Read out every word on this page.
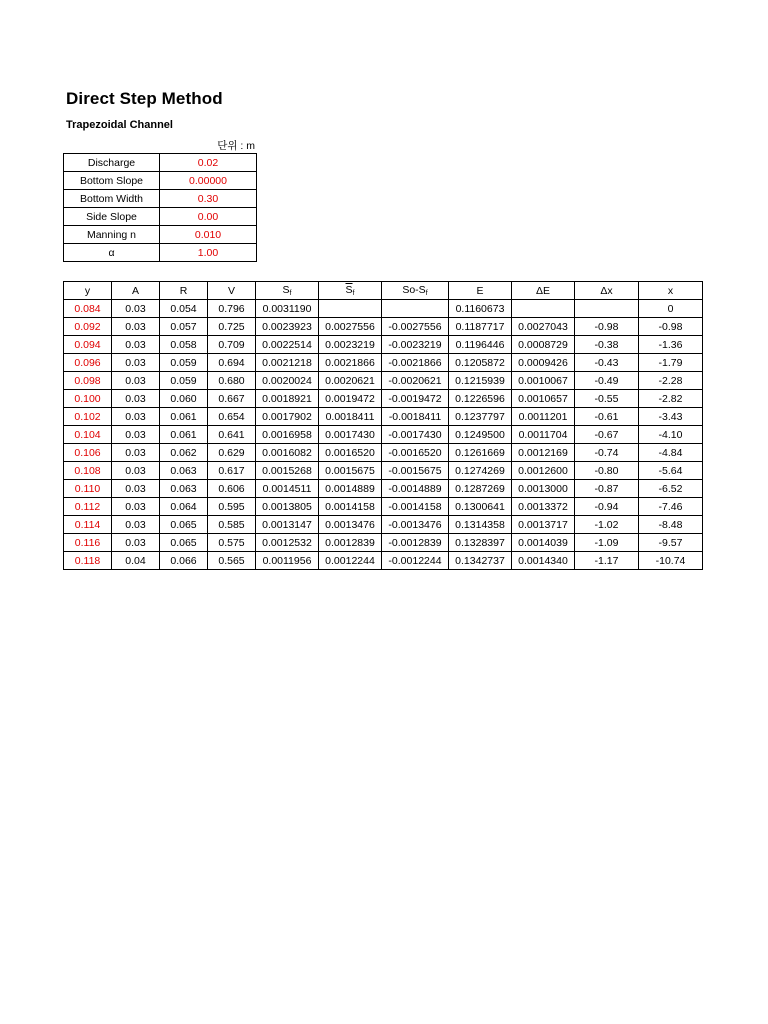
Direct Step Method
Trapezoidal Channel
단위 : m
Discharge	0.02
Bottom Slope	0.00000
Bottom Width	0.30
Side Slope	0.00
Manning n	0.010
α	1.00
y	A	R	V	$S_f$	$\overline{S}_f$	$So-S_f$	E	ΔE	Δx	x
0.084	0.03	0.054	0.796	0.0031190			0.1160673			0
0.092	0.03	0.057	0.725	0.0023923	0.0027556	-0.0027556	0.1187717	0.0027043	-0.98	-0.98
0.094	0.03	0.058	0.709	0.0022514	0.0023219	-0.0023219	0.1196446	0.0008729	-0.38	-1.36
0.096	0.03	0.059	0.694	0.0021218	0.0021866	-0.0021866	0.1205872	0.0009426	-0.43	-1.79
0.098	0.03	0.059	0.680	0.0020024	0.0020621	-0.0020621	0.1215939	0.0010067	-0.49	-2.28
0.100	0.03	0.060	0.667	0.0018921	0.0019472	-0.0019472	0.1226596	0.0010657	-0.55	-2.82
0.102	0.03	0.061	0.654	0.0017902	0.0018411	-0.0018411	0.1237797	0.0011201	-0.61	-3.43
0.104	0.03	0.061	0.641	0.0016958	0.0017430	-0.0017430	0.1249500	0.0011704	-0.67	-4.10
0.106	0.03	0.062	0.629	0.0016082	0.0016520	-0.0016520	0.1261669	0.0012169	-0.74	-4.84
0.108	0.03	0.063	0.617	0.0015268	0.0015675	-0.0015675	0.1274269	0.0012600	-0.80	-5.64
0.110	0.03	0.063	0.606	0.0014511	0.0014889	-0.0014889	0.1287269	0.0013000	-0.87	-6.52
0.112	0.03	0.064	0.595	0.0013805	0.0014158	-0.0014158	0.1300641	0.0013372	-0.94	-7.46
0.114	0.03	0.065	0.585	0.0013147	0.0013476	-0.0013476	0.1314358	0.0013717	-1.02	-8.48
0.116	0.03	0.065	0.575	0.0012532	0.0012839	-0.0012839	0.1328397	0.0014039	-1.09	-9.57
0.118	0.04	0.066	0.565	0.0011956	0.0012244	-0.0012244	0.1342737	0.0014340	-1.17	-10.74
